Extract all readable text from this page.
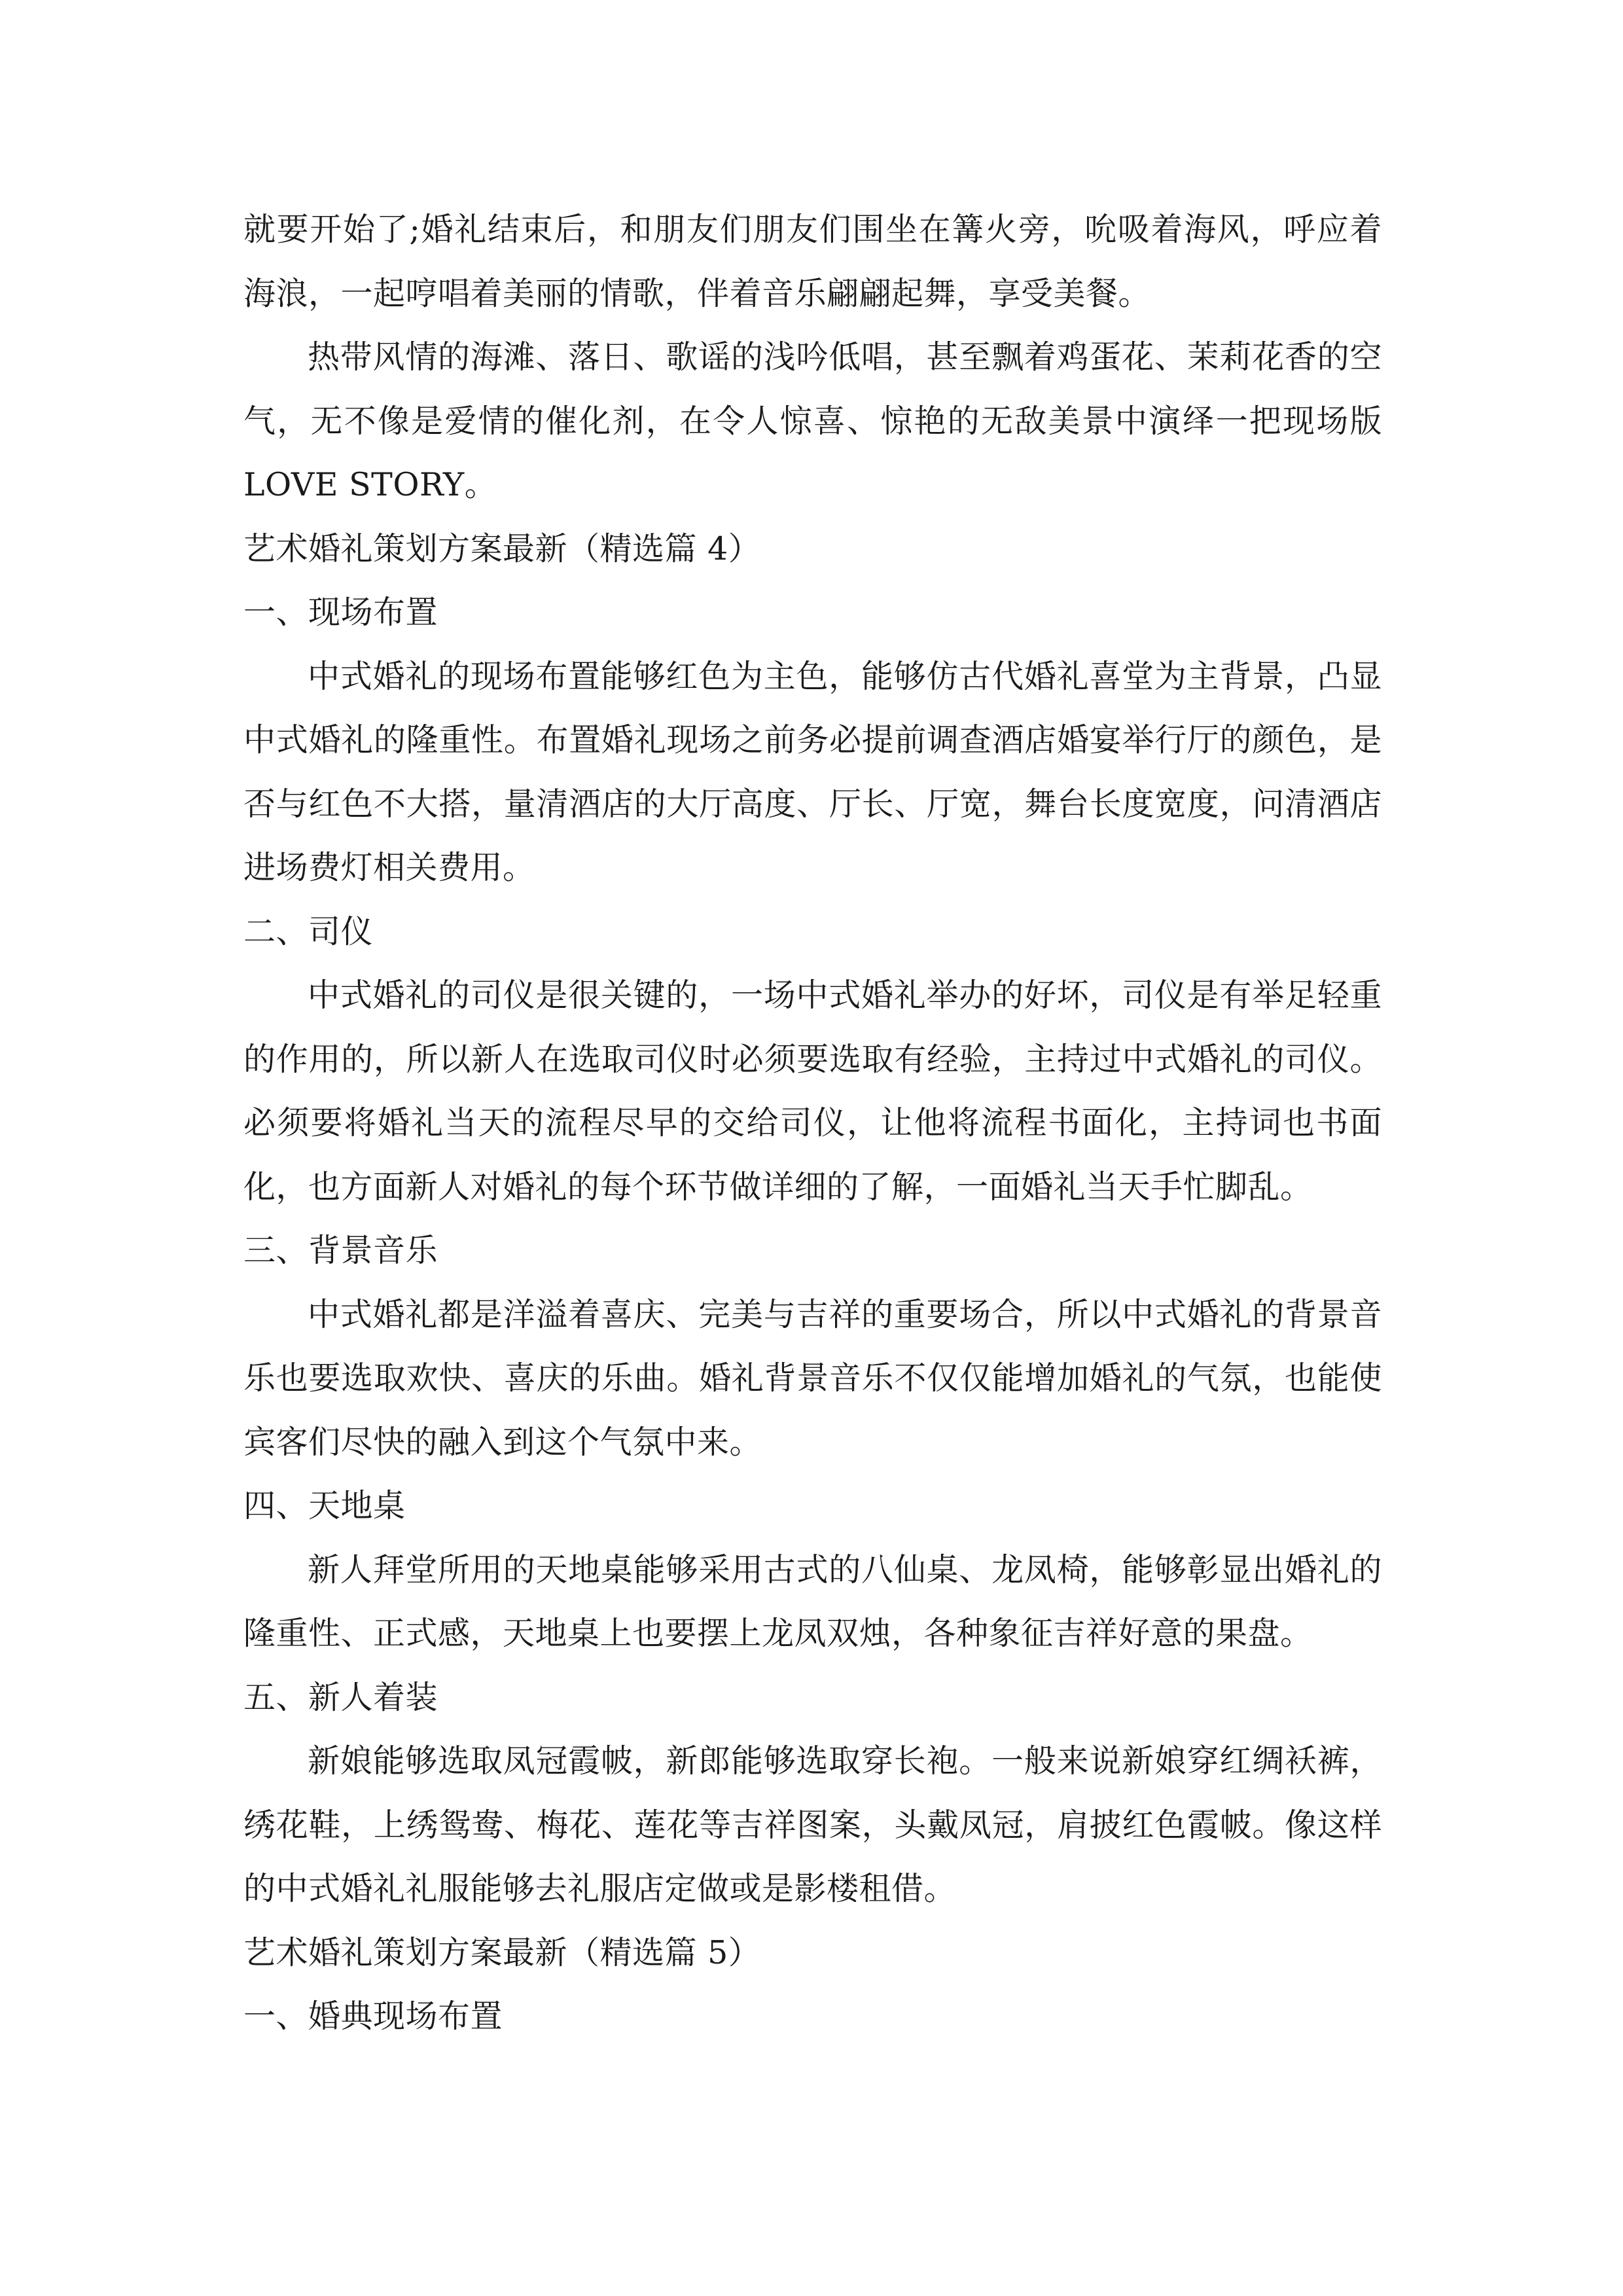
就要开始了;婚礼结束后，和朋友们朋友们围坐在篝火旁，吮吸着海风，呼应着海浪，一起哼唱着美丽的情歌，伴着音乐翩翩起舞，享受美餐。

热带风情的海滩、落日、歌谣的浅吟低唱，甚至飘着鸡蛋花、茉莉花香的空气，无不像是爱情的催化剂，在令人惊喜、惊艳的无敌美景中演绎一把现场版 LOVE STORY。

艺术婚礼策划方案最新（精选篇 4）

一、现场布置

中式婚礼的现场布置能够红色为主色，能够仿古代婚礼喜堂为主背景，凸显中式婚礼的隆重性。布置婚礼现场之前务必提前调查酒店婚宴举行厅的颜色，是否与红色不大搭，量清酒店的大厅高度、厅长、厅宽，舞台长度宽度，问清酒店进场费灯相关费用。

二、司仪

中式婚礼的司仪是很关键的，一场中式婚礼举办的好坏，司仪是有举足轻重的作用的，所以新人在选取司仪时必须要选取有经验，主持过中式婚礼的司仪。必须要将婚礼当天的流程尽早的交给司仪，让他将流程书面化，主持词也书面化，也方面新人对婚礼的每个环节做详细的了解，一面婚礼当天手忙脚乱。

三、背景音乐

中式婚礼都是洋溢着喜庆、完美与吉祥的重要场合，所以中式婚礼的背景音乐也要选取欢快、喜庆的乐曲。婚礼背景音乐不仅仅能增加婚礼的气氛，也能使宾客们尽快的融入到这个气氛中来。

四、天地桌

新人拜堂所用的天地桌能够采用古式的八仙桌、龙凤椅，能够彰显出婚礼的隆重性、正式感，天地桌上也要摆上龙凤双烛，各种象征吉祥好意的果盘。

五、新人着装

新娘能够选取凤冠霞帔，新郎能够选取穿长袍。一般来说新娘穿红绸袄裤，绣花鞋，上绣鸳鸯、梅花、莲花等吉祥图案，头戴凤冠，肩披红色霞帔。像这样的中式婚礼礼服能够去礼服店定做或是影楼租借。

艺术婚礼策划方案最新（精选篇 5）

一、婚典现场布置
